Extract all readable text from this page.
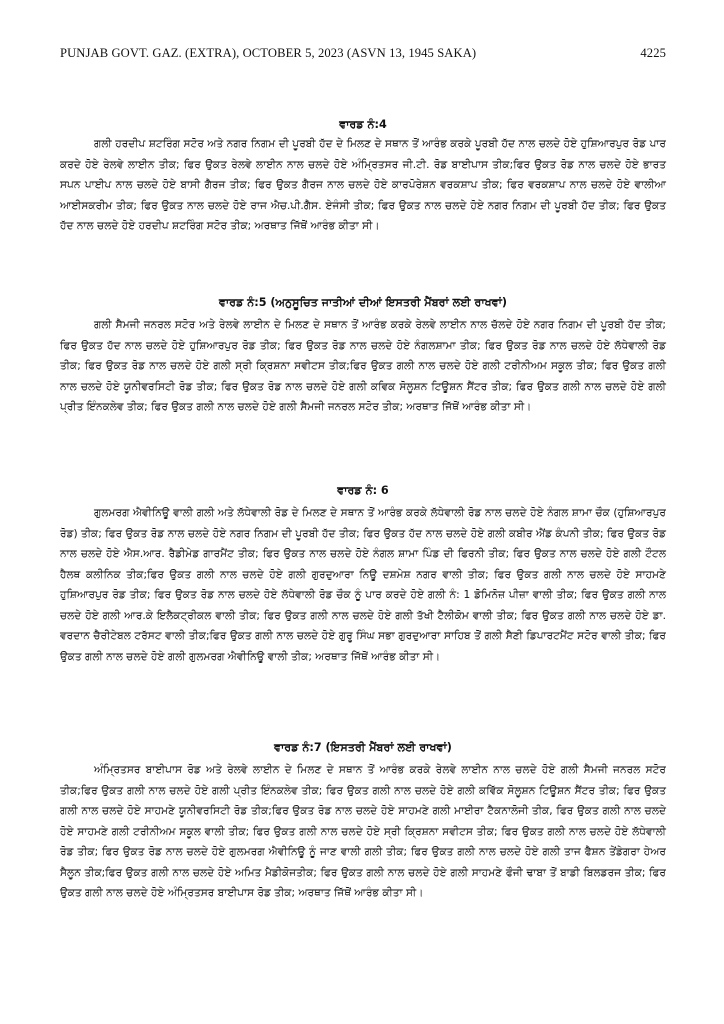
PUNJAB GOVT. GAZ. (EXTRA), OCTOBER 5, 2023 (ASVN 13, 1945 SAKA)	4225
ਵਾਰਡ ਨੰ:4

ਗਲੀ ਹਰਦੀਪ ਸ਼ਟਰਿੰਗ ਸਟੋਰ ਅਤੇ ਨਗਰ ਨਿਗਮ ਦੀ ਪੂਰਬੀ ਹੱਦ ਦੇ ਮਿਲਣ ਦੇ ਸਥਾਨ ਤੋਂ ਆਰੰਭ ਕਰਕੇ ਪੂਰਬੀ ਹੱਦ ਨਾਲ ਚਲਦੇ ਹੋਏ ਹੁਸ਼ਿਆਰਪੁਰ ਰੋਡ ਪਾਰ ਕਰਦੇ ਹੋਏ ਰੇਲਵੇ ਲਾਈਨ ਤੀਕ; ਫਿਰ ਉਕਤ ਰੇਲਵੇ ਲਾਈਨ ਨਾਲ ਚਲਦੇ ਹੋਏ ਅੰਮ੍ਰਿਤਸਰ ਜੀ.ਟੀ. ਰੋਡ ਬਾਈਪਾਸ ਤੀਕ;ਫਿਰ ਉਕਤ ਰੋਡ ਨਾਲ ਚਲਦੇ ਹੋਏ ਭਾਰਤ ਸਪਨ ਪਾਈਪ ਨਾਲ ਚਲਦੇ ਹੋਏ ਬਾਸੀ ਗੈਰਜ ਤੀਕ; ਫਿਰ ਉਕਤ ਗੈਰਜ ਨਾਲ ਚਲਦੇ ਹੋਏ ਕਾਰਪੋਰੇਸ਼ਨ ਵਰਕਸ਼ਾਪ ਤੀਕ; ਫਿਰ ਵਰਕਸ਼ਾਪ ਨਾਲ ਚਲਦੇ ਹੋਏ ਵਾਲੀਆ ਆਈਸਕਰੀਮ ਤੀਕ; ਫਿਰ ਉਕਤ ਨਾਲ ਚਲਦੇ ਹੋਏ ਰਾਜ ਐਚ.ਪੀ.ਗੈਸ. ਏਜੰਸੀ ਤੀਕ; ਫਿਰ ਉਕਤ ਨਾਲ ਚਲਦੇ ਹੋਏ ਨਗਰ ਨਿਗਮ ਦੀ ਪੂਰਬੀ ਹੱਦ ਤੀਕ; ਫਿਰ ਉਕਤ ਹੱਦ ਨਾਲ ਚਲਦੇ ਹੋਏ ਹਰਦੀਪ ਸ਼ਟਰਿੰਗ ਸਟੋਰ ਤੀਕ; ਅਰਥਾਤ ਜਿੱਥੋਂ ਆਰੰਭ ਕੀਤਾ ਸੀ।

ਵਾਰਡ ਨੰ:5 (ਅਨੁਸੂਚਿਤ ਜਾਤੀਆਂ ਦੀਆਂ ਇਸਤਰੀ ਮੈਂਬਰਾਂ ਲਈ ਰਾਖਵਾਂ)

ਗਲੀ ਸੈਮਜੀ ਜਨਰਲ ਸਟੋਰ ਅਤੇ ਰੇਲਵੇ ਲਾਈਨ ਦੇ ਮਿਲਣ ਦੇ ਸਥਾਨ ਤੋਂ ਆਰੰਭ ਕਰਕੇ ਰੇਲਵੇ ਲਾਈਨ ਨਾਲ ਚੱਲਦੇ ਹੋਏ ਨਗਰ ਨਿਗਮ ਦੀ ਪੂਰਬੀ ਹੱਦ ਤੀਕ; ਫਿਰ ਉਕਤ ਹੱਦ ਨਾਲ ਚਲਦੇ ਹੋਏ ਹੁਸ਼ਿਆਰਪੁਰ ਰੋਡ ਤੀਕ; ਫਿਰ ਉਕਤ ਰੋਡ ਨਾਲ ਚਲਦੇ ਹੋਏ ਨੰਗਲਸ਼ਾਮਾ ਤੀਕ; ਫਿਰ ਉਕਤ ਰੋਡ ਨਾਲ ਚਲਦੇ ਹੋਏ ਲੱਧੇਵਾਲੀ ਰੋਡ ਤੀਕ; ਫਿਰ ਉਕਤ ਰੋਡ ਨਾਲ ਚਲਦੇ ਹੋਏ ਗਲੀ ਸ੍ਰੀ ਕ੍ਰਿਸ਼ਨਾ ਸਵੀਟਸ ਤੀਕ;ਫਿਰ ਉਕਤ ਗਲੀ ਨਾਲ ਚਲਦੇ ਹੋਏ ਗਲੀ ਟਰੀਨੀਅਮ ਸਕੂਲ ਤੀਕ; ਫਿਰ ਉਕਤ ਗਲੀ ਨਾਲ ਚਲਦੇ ਹੋਏ ਯੂਨੀਵਰਸਿਟੀ ਰੋਡ ਤੀਕ; ਫਿਰ ਉਕਤ ਰੋਡ ਨਾਲ ਚਲਦੇ ਹੋਏ ਗਲੀ ਕਵਿਕ ਸੋਲੂਸ਼ਨ ਟਿਊਸ਼ਨ ਸੈਂਟਰ ਤੀਕ; ਫਿਰ ਉਕਤ ਗਲੀ ਨਾਲ ਚਲਦੇ ਹੋਏ ਗਲੀ ਪ੍ਰੀਤ ਇੰਨਕਲੇਵ ਤੀਕ; ਫਿਰ ਉਕਤ ਗਲੀ ਨਾਲ ਚਲਦੇ ਹੋਏ ਗਲੀ ਸੈਮਜੀ ਜਨਰਲ ਸਟੋਰ ਤੀਕ; ਅਰਥਾਤ ਜਿੱਥੋਂ ਆਰੰਭ ਕੀਤਾ ਸੀ।

ਵਾਰਡ ਨੰ: 6

ਗੁਲਮਰਗ ਐਵੀਨਿਊ ਵਾਲੀ ਗਲੀ ਅਤੇ ਲੱਧੇਵਾਲੀ ਰੋਡ ਦੇ ਮਿਲਣ ਦੇ ਸਥਾਨ ਤੋਂ ਆਰੰਭ ਕਰਕੇ ਲੱਧੇਵਾਲੀ ਰੋਡ ਨਾਲ ਚਲਦੇ ਹੋਏ ਨੰਗਲ ਸ਼ਾਮਾ ਚੌਕ (ਹੁਸ਼ਿਆਰਪੁਰ ਰੋਡ) ਤੀਕ; ਫਿਰ ਉਕਤ ਰੋਡ ਨਾਲ ਚਲਦੇ ਹੋਏ ਨਗਰ ਨਿਗਮ ਦੀ ਪੂਰਬੀ ਹੱਦ ਤੀਕ; ਫਿਰ ਉਕਤ ਹੱਦ ਨਾਲ ਚਲਦੇ ਹੋਏ ਗਲੀ ਕਬੀਰ ਐਂਡ ਕੰਪਨੀ ਤੀਕ; ਫਿਰ ਉਕਤ ਰੋਡ ਨਾਲ ਚਲਦੇ ਹੋਏ ਐਸ.ਆਰ. ਰੈਡੀਮੇਡ ਗਾਰਮੈਂਟ ਤੀਕ; ਫਿਰ ਉਕਤ ਨਾਲ ਚਲਦੇ ਹੋਏ ਨੰਗਲ ਸ਼ਾਮਾ ਪਿੰਡ ਦੀ ਫਿਰਨੀ ਤੀਕ; ਫਿਰ ਉਕਤ ਨਾਲ ਚਲਦੇ ਹੋਏ ਗਲੀ ਟੌਟਲ ਹੈਲਥ ਕਲੀਨਿਕ ਤੀਕ;ਫਿਰ ਉਕਤ ਗਲੀ ਨਾਲ ਚਲਦੇ ਹੋਏ ਗਲੀ ਗੁਰਦੁਆਰਾ ਨਿਊ ਦਸ਼ਮੇਸ਼ ਨਗਰ ਵਾਲੀ ਤੀਕ; ਫਿਰ ਉਕਤ ਗਲੀ ਨਾਲ ਚਲਦੇ ਹੋਏ ਸਾਹਮਣੇ ਹੁਸ਼ਿਆਰਪੁਰ ਰੋਡ ਤੀਕ; ਫਿਰ ਉਕਤ ਰੋਡ ਨਾਲ ਚਲਦੇ ਹੋਏ ਲੱਧੇਵਾਲੀ ਰੋਡ ਚੌਕ ਨੂੰ ਪਾਰ ਕਰਦੇ ਹੋਏ ਗਲੀ ਨੰ: 1 ਡੋਮਿਨੋਜ਼ ਪੀਜ਼ਾ ਵਾਲੀ ਤੀਕ; ਫਿਰ ਉਕਤ ਗਲੀ ਨਾਲ ਚਲਦੇ ਹੋਏ ਗਲੀ ਆਰ.ਕੇ ਇਲੈਕਟ੍ਰੀਕਲ ਵਾਲੀ ਤੀਕ; ਫਿਰ ਉਕਤ ਗਲੀ ਨਾਲ ਚਲਦੇ ਹੋਏ ਗਲੀ ਤੱਖੀ ਟੈਲੀਕੋਮ ਵਾਲੀ ਤੀਕ; ਫਿਰ ਉਕਤ ਗਲੀ ਨਾਲ ਚਲਦੇ ਹੋਏ ਡਾ. ਵਰਦਾਨ ਚੈਰੀਟੇਬਲ ਟਰੱਸਟ ਵਾਲੀ ਤੀਕ;ਫਿਰ ਉਕਤ ਗਲੀ ਨਾਲ ਚਲਦੇ ਹੋਏ ਗੁਰੂ ਸਿੰਘ ਸਭਾ ਗੁਰਦੁਆਰਾ ਸਾਹਿਬ ਤੋਂ ਗਲੀ ਸੈਣੀ ਡਿਪਾਰਟਮੈਂਟ ਸਟੋਰ ਵਾਲੀ ਤੀਕ; ਫਿਰ ਉਕਤ ਗਲੀ ਨਾਲ ਚਲਦੇ ਹੋਏ ਗਲੀ ਗੁਲਮਰਗ ਐਵੀਨਿਊ ਵਾਲੀ ਤੀਕ; ਅਰਥਾਤ ਜਿੱਥੋਂ ਆਰੰਭ ਕੀਤਾ ਸੀ।

ਵਾਰਡ ਨੰ:7 (ਇਸਤਰੀ ਮੈਂਬਰਾਂ ਲਈ ਰਾਖਵਾਂ)

ਅੰਮ੍ਰਿਤਸਰ ਬਾਈਪਾਸ ਰੋਡ ਅਤੇ ਰੇਲਵੇ ਲਾਈਨ ਦੇ ਮਿਲਣ ਦੇ ਸਥਾਨ ਤੋਂ ਆਰੰਭ ਕਰਕੇ ਰੇਲਵੇ ਲਾਈਨ ਨਾਲ ਚਲਦੇ ਹੋਏ ਗਲੀ ਸੈਮਜੀ ਜਨਰਲ ਸਟੋਰ ਤੀਕ;ਫਿਰ ਉਕਤ ਗਲੀ ਨਾਲ ਚਲਦੇ ਹੋਏ ਗਲੀ ਪ੍ਰੀਤ ਇੰਨਕਲੇਵ ਤੀਕ; ਫਿਰ ਉਕਤ ਗਲੀ ਨਾਲ ਚਲਦੇ ਹੋਏ ਗਲੀ ਕਵਿੱਕ ਸੋਲੂਸ਼ਨ ਟਿਊਸ਼ਨ ਸੈਂਟਰ ਤੀਕ; ਫਿਰ ਉਕਤ ਗਲੀ ਨਾਲ ਚਲਦੇ ਹੋਏ ਸਾਹਮਣੇ ਯੂਨੀਵਰਸਿਟੀ ਰੋਡ ਤੀਕ;ਫਿਰ ਉਕਤ ਰੋਡ ਨਾਲ ਚਲਦੇ ਹੋਏ ਸਾਹਮਣੇ ਗਲੀ ਮਾਈਰਾ ਟੈਕਨਾਲੋਜੀ ਤੀਕ, ਫਿਰ ਉਕਤ ਗਲੀ ਨਾਲ ਚਲਦੇ ਹੋਏ ਸਾਹਮਣੇ ਗਲੀ ਟਰੀਨੀਅਮ ਸਕੂਲ ਵਾਲੀ ਤੀਕ; ਫਿਰ ਉਕਤ ਗਲੀ ਨਾਲ ਚਲਦੇ ਹੋਏ ਸ੍ਰੀ ਕ੍ਰਿਸ਼ਨਾ ਸਵੀਟਸ ਤੀਕ; ਫਿਰ ਉਕਤ ਗਲੀ ਨਾਲ ਚਲਦੇ ਹੋਏ ਲੱਧੇਵਾਲੀ ਰੋਡ ਤੀਕ; ਫਿਰ ਉਕਤ ਰੋਡ ਨਾਲ ਚਲਦੇ ਹੋਏ ਗੁਲਮਰਗ ਐਵੀਨਿਊ ਨੂੰ ਜਾਣ ਵਾਲੀ ਗਲੀ ਤੀਕ; ਫਿਰ ਉਕਤ ਗਲੀ ਨਾਲ ਚਲਦੇ ਹੋਏ ਗਲੀ ਤਾਜ ਫੈਸ਼ਨ ਤੇਂਡੇਗਰਾ ਹੇਅਰ ਸੈਲੂਨ ਤੀਕ;ਫਿਰ ਉਕਤ ਗਲੀ ਨਾਲ ਚਲਦੇ ਹੋਏ ਅਮਿਤ ਮੈਡੀਕੋਜਤੀਕ; ਫਿਰ ਉਕਤ ਗਲੀ ਨਾਲ ਚਲਦੇ ਹੋਏ ਗਲੀ ਸਾਹਮਣੇ ਫੌਜੀ ਢਾਬਾ ਤੋਂ ਬਾਡੀ ਬਿਲਡਰਜ ਤੀਕ; ਫਿਰ ਉਕਤ ਗਲੀ ਨਾਲ ਚਲਦੇ ਹੋਏ ਅੰਮ੍ਰਿਤਸਰ ਬਾਈਪਾਸ ਰੋਡ ਤੀਕ; ਅਰਥਾਤ ਜਿੱਥੋਂ ਆਰੰਭ ਕੀਤਾ ਸੀ।
